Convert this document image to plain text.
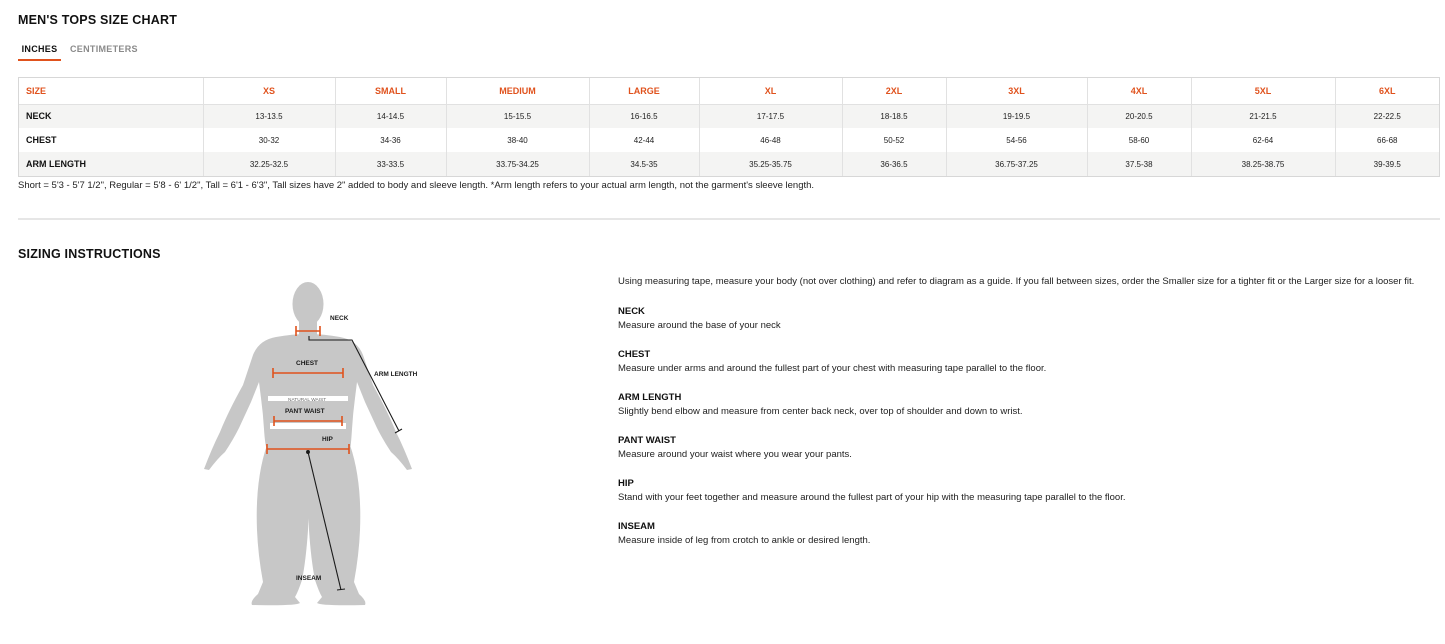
MEN'S TOPS SIZE CHART
INCHES	CENTIMETERS
SIZE	XS	SMALL	MEDIUM	LARGE	XL	2XL	3XL	4XL	5XL	6XL
NECK	13-13.5	14-14.5	15-15.5	16-16.5	17-17.5	18-18.5	19-19.5	20-20.5	21-21.5	22-22.5
CHEST	30-32	34-36	38-40	42-44	46-48	50-52	54-56	58-60	62-64	66-68
ARM LENGTH	32.25-32.5	33-33.5	33.75-34.25	34.5-35	35.25-35.75	36-36.5	36.75-37.25	37.5-38	38.25-38.75	39-39.5
Short = 5'3 - 5'7 1/2", Regular = 5'8 - 6' 1/2", Tall = 6'1 - 6'3", Tall sizes have 2" added to body and sleeve length. *Arm length refers to your actual arm length, not the garment's sleeve length.
SIZING INSTRUCTIONS
NECK
CHEST
ARM LENGTH
NATURAL WAIST
PANT WAIST
HIP
INSEAM
Using measuring tape, measure your body (not over clothing) and refer to diagram as a guide. If you fall between sizes, order the Smaller size for a tighter fit or the Larger size for a looser fit.
NECK
Measure around the base of your neck
CHEST
Measure under arms and around the fullest part of your chest with measuring tape parallel to the floor.
ARM LENGTH
Slightly bend elbow and measure from center back neck, over top of shoulder and down to wrist.
PANT WAIST
Measure around your waist where you wear your pants.
HIP
Stand with your feet together and measure around the fullest part of your hip with the measuring tape parallel to the floor.
INSEAM
Measure inside of leg from crotch to ankle or desired length.
